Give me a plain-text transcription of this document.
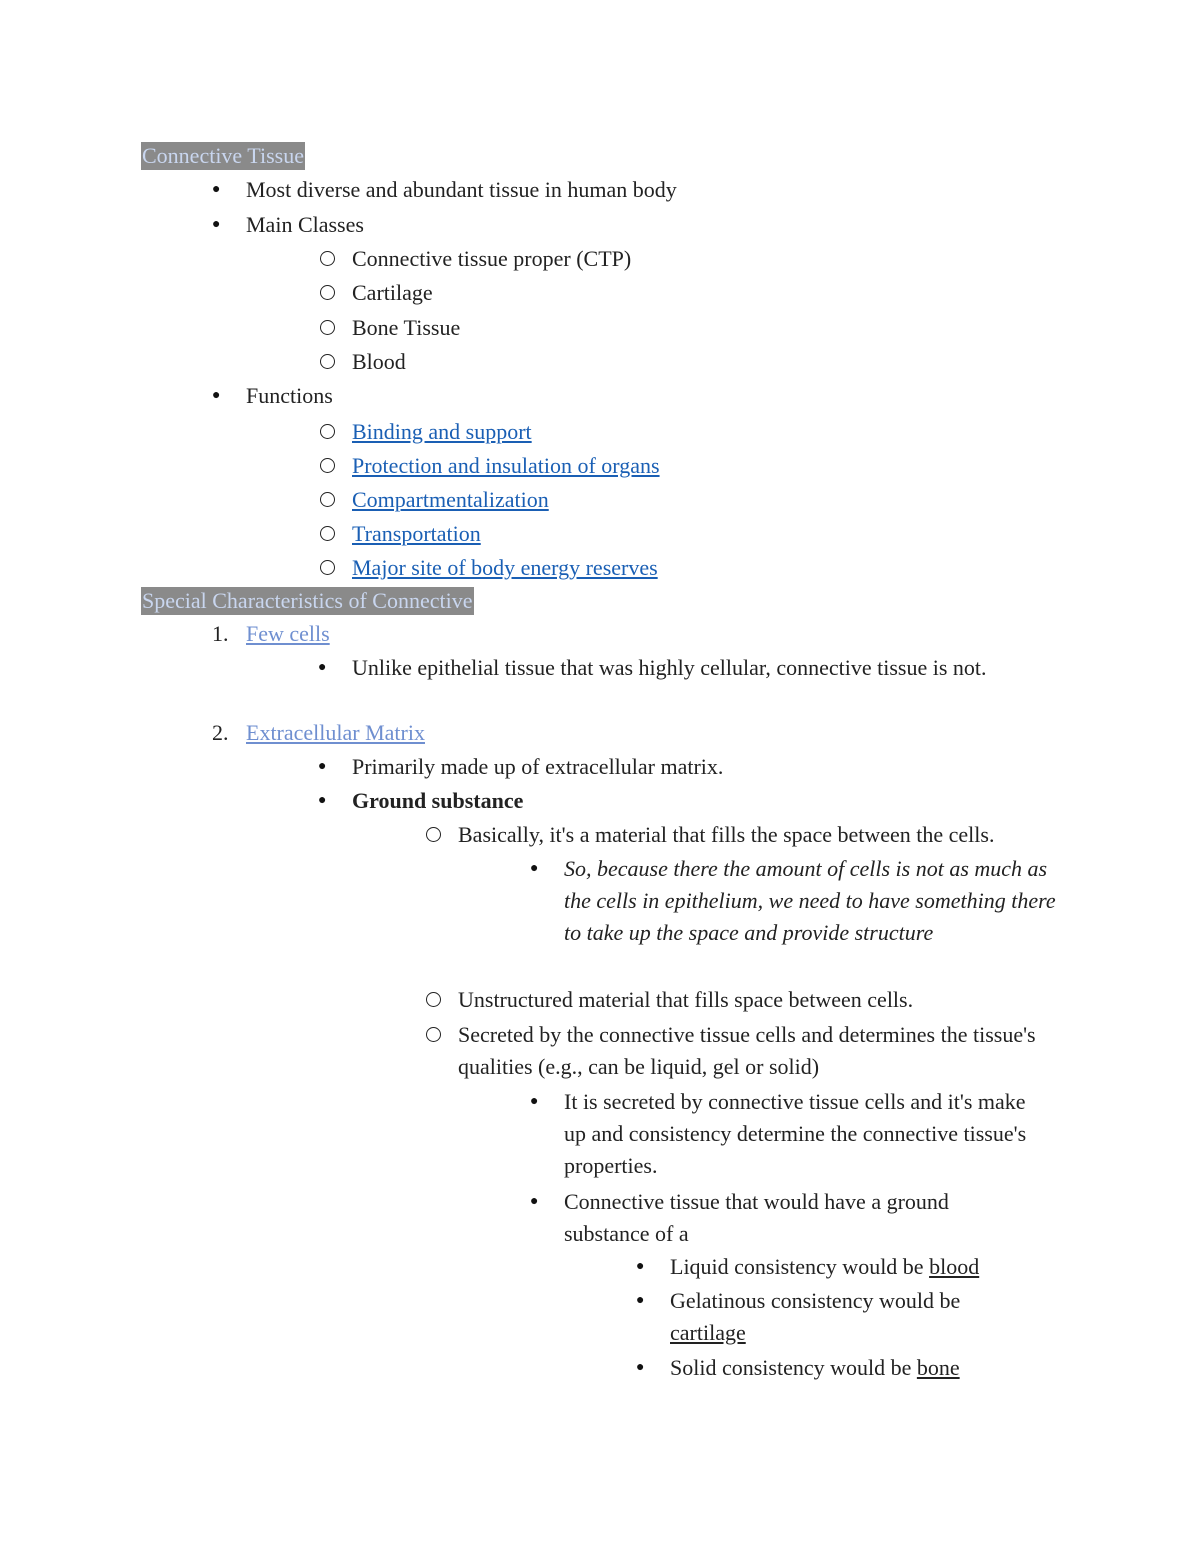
Connective Tissue
● Most diverse and abundant tissue in human body
● Main Classes
Connective tissue proper (CTP)
Cartilage
Bone Tissue
Blood
● Functions
Binding and support
Protection and insulation of organs
Compartmentalization
Transportation
Major site of body energy reserves
Special Characteristics of Connective
1. Few cells
● Unlike epithelial tissue that was highly cellular, connective tissue is not.
2. Extracellular Matrix
● Primarily made up of extracellular matrix.
● Ground substance
Basically, it's a material that fills the space between the cells.
● So, because there the amount of cells is not as much as the cells in epithelium, we need to have something there to take up the space and provide structure
Unstructured material that fills space between cells.
Secreted by the connective tissue cells and determines the tissue's qualities (e.g., can be liquid, gel or solid)
● It is secreted by connective tissue cells and it's make up and consistency determine the connective tissue's properties.
● Connective tissue that would have a ground substance of a
● Liquid consistency would be blood
● Gelatinous consistency would be cartilage
● Solid consistency would be bone
